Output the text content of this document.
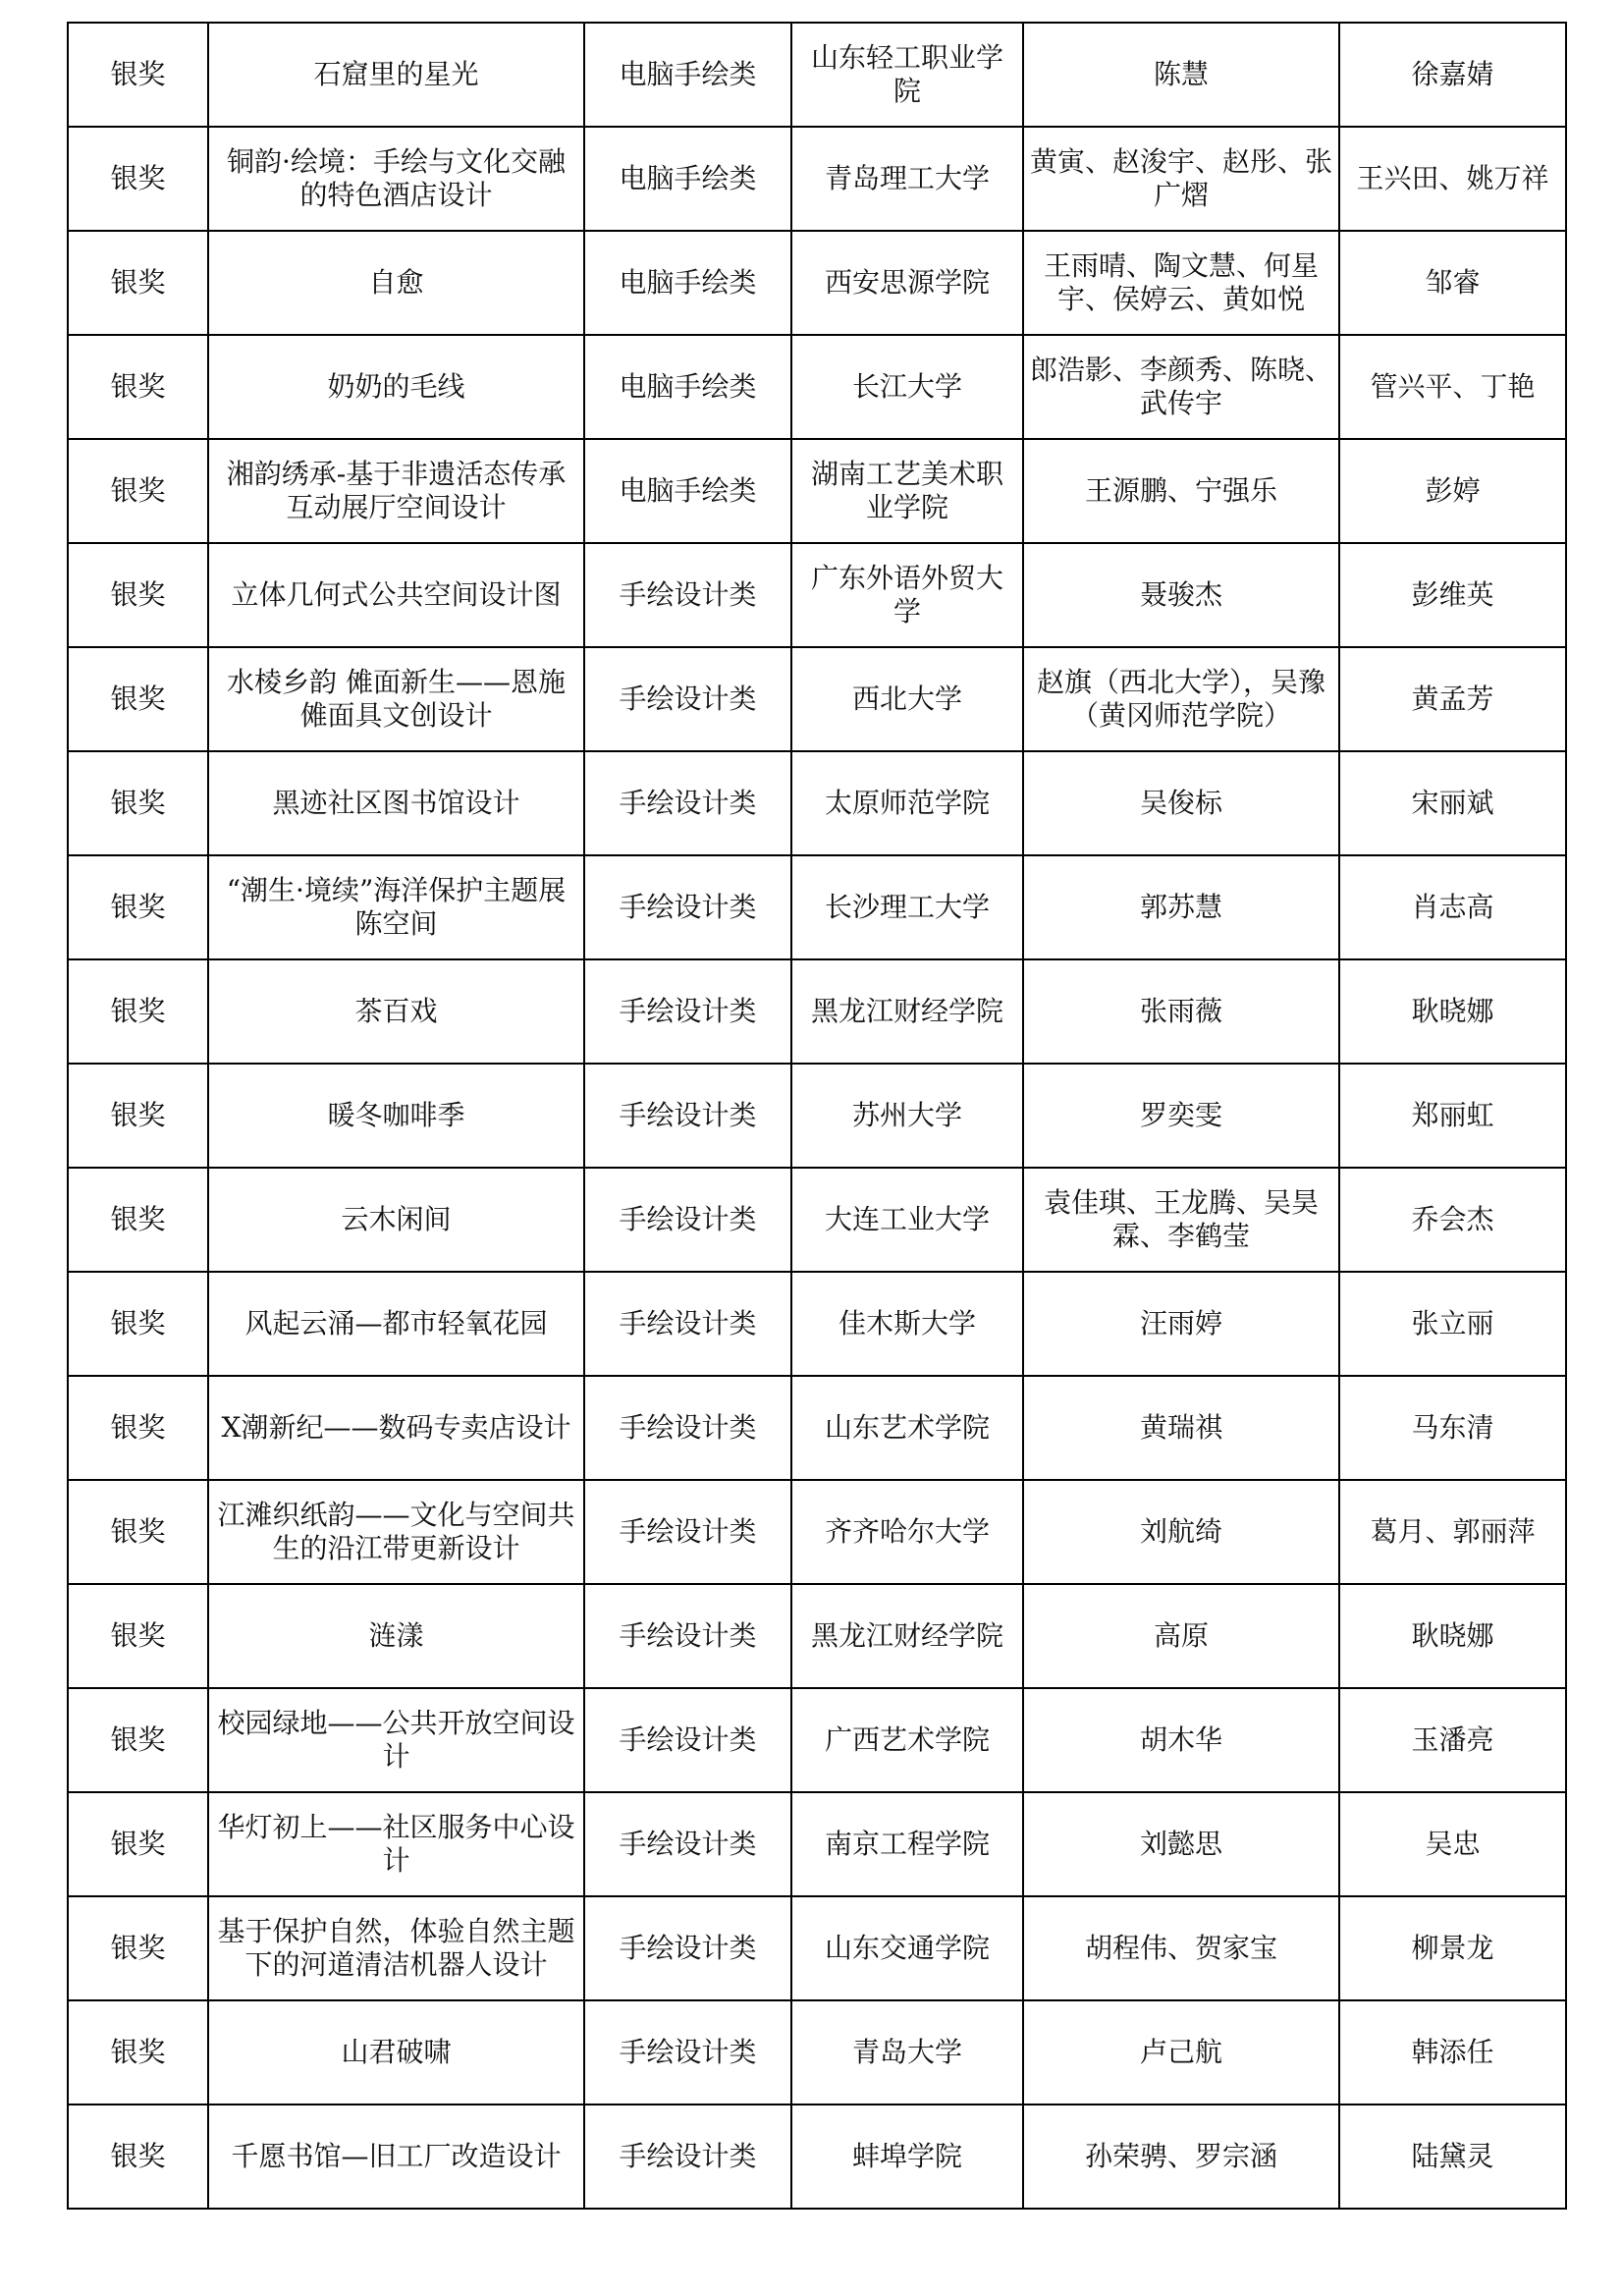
银奖	石窟里的星光	电脑手绘类	山东轻工职业学院	陈慧	徐嘉婧
银奖	铜韵·绘境：手绘与文化交融的特色酒店设计	电脑手绘类	青岛理工大学	黄寅、赵浚宇、赵彤、张广熠	王兴田、姚万祥
银奖	自愈	电脑手绘类	西安思源学院	王雨晴、陶文慧、何星宇、侯婷云、黄如悦	邹睿
银奖	奶奶的毛线	电脑手绘类	长江大学	郎浩影、李颜秀、陈晓、武传宇	管兴平、丁艳
银奖	湘韵绣承-基于非遗活态传承互动展厅空间设计	电脑手绘类	湖南工艺美术职业学院	王源鹏、宁强乐	彭婷
银奖	立体几何式公共空间设计图	手绘设计类	广东外语外贸大学	聂骏杰	彭维英
银奖	水棱乡韵 傩面新生——恩施傩面具文创设计	手绘设计类	西北大学	赵旗（西北大学），吴豫（黄冈师范学院）	黄孟芳
银奖	黑迹社区图书馆设计	手绘设计类	太原师范学院	吴俊标	宋丽斌
银奖	“潮生·境续”海洋保护主题展陈空间	手绘设计类	长沙理工大学	郭苏慧	肖志高
银奖	茶百戏	手绘设计类	黑龙江财经学院	张雨薇	耿晓娜
银奖	暖冬咖啡季	手绘设计类	苏州大学	罗奕雯	郑丽虹
银奖	云木闲间	手绘设计类	大连工业大学	袁佳琪、王龙腾、吴昊霖、李鹤莹	乔会杰
银奖	风起云涌—都市轻氧花园	手绘设计类	佳木斯大学	汪雨婷	张立丽
银奖	X潮新纪——数码专卖店设计	手绘设计类	山东艺术学院	黄瑞祺	马东清
银奖	江滩织纸韵——文化与空间共生的沿江带更新设计	手绘设计类	齐齐哈尔大学	刘航绮	葛月、郭丽萍
银奖	涟漾	手绘设计类	黑龙江财经学院	高原	耿晓娜
银奖	校园绿地——公共开放空间设计	手绘设计类	广西艺术学院	胡木华	玉潘亮
银奖	华灯初上——社区服务中心设计	手绘设计类	南京工程学院	刘懿思	吴忠
银奖	基于保护自然，体验自然主题下的河道清洁机器人设计	手绘设计类	山东交通学院	胡程伟、贺家宝	柳景龙
银奖	山君破啸	手绘设计类	青岛大学	卢己航	韩添任
银奖	千愿书馆—旧工厂改造设计	手绘设计类	蚌埠学院	孙荣骋、罗宗涵	陆黛灵
